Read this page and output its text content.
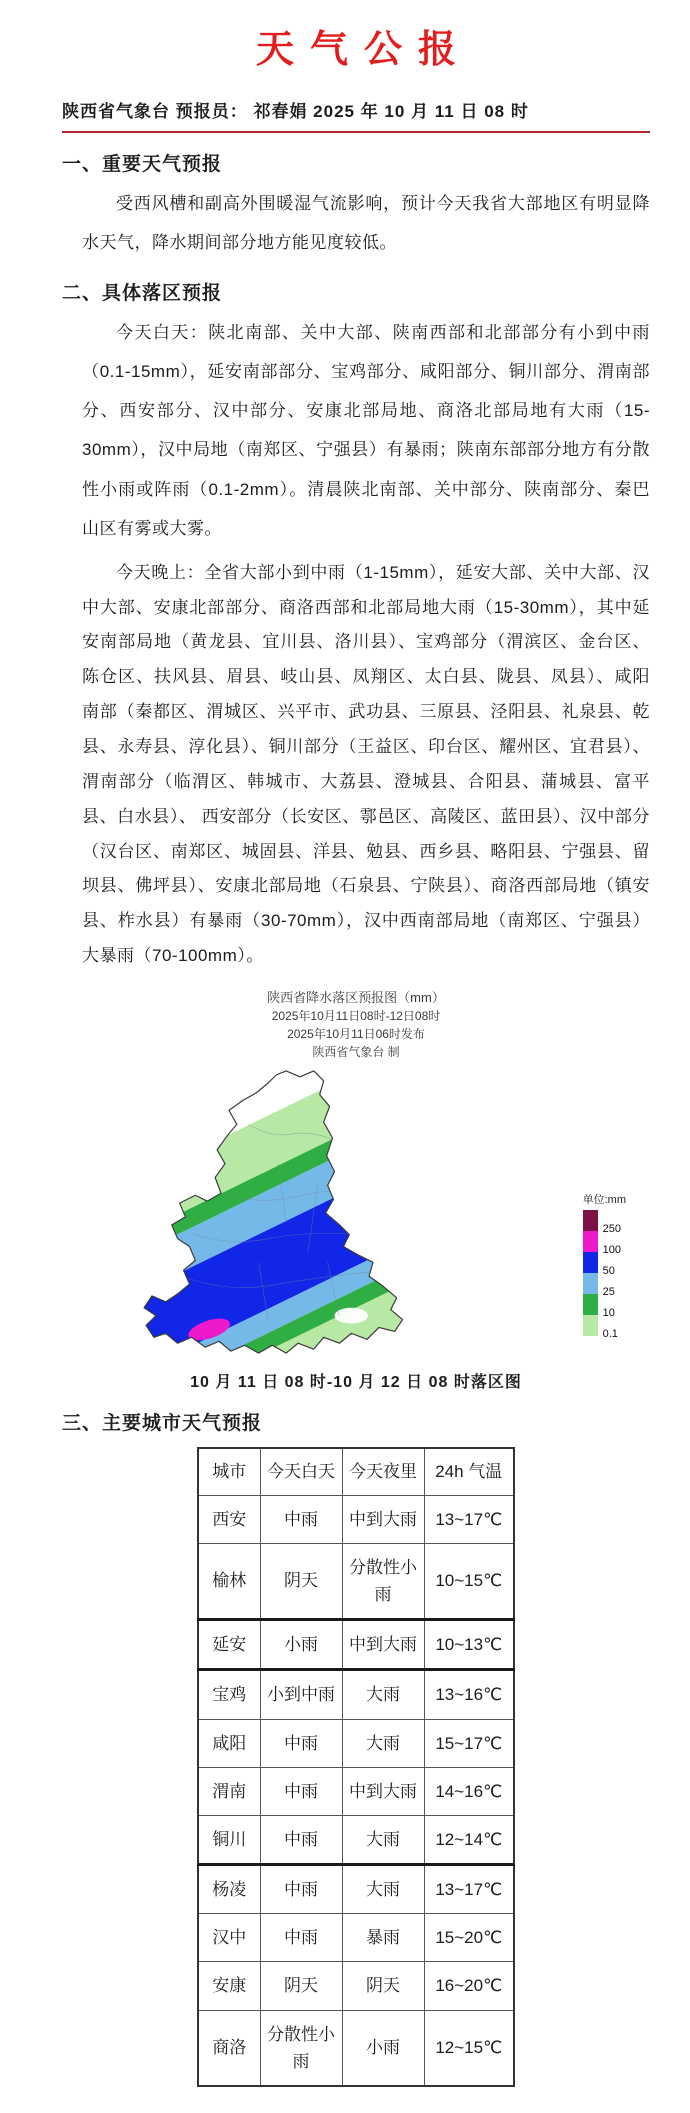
天气公报
陕西省气象台 预报员： 祁春娟 2025 年 10 月 11 日 08 时
一、重要天气预报

受西风槽和副高外围暖湿气流影响，预计今天我省大部地区有明显降水天气，降水期间部分地方能见度较低。

二、具体落区预报

今天白天：陕北南部、关中大部、陕南西部和北部部分有小到中雨（0.1-15mm），延安南部部分、宝鸡部分、咸阳部分、铜川部分、渭南部分、西安部分、汉中部分、安康北部局地、商洛北部局地有大雨（15-30mm），汉中局地（南郑区、宁强县）有暴雨；陕南东部部分地方有分散性小雨或阵雨（0.1-2mm）。清晨陕北南部、关中部分、陕南部分、秦巴山区有雾或大雾。

今天晚上：全省大部小到中雨（1-15mm），延安大部、关中大部、汉中大部、安康北部部分、商洛西部和北部局地大雨（15-30mm），其中延安南部局地（黄龙县、宜川县、洛川县）、宝鸡部分（渭滨区、金台区、陈仓区、扶风县、眉县、岐山县、凤翔区、太白县、陇县、凤县）、咸阳南部（秦都区、渭城区、兴平市、武功县、三原县、泾阳县、礼泉县、乾县、永寿县、淳化县）、铜川部分（王益区、印台区、耀州区、宜君县）、渭南部分（临渭区、韩城市、大荔县、澄城县、合阳县、蒲城县、富平县、白水县）、 西安部分（长安区、鄠邑区、高陵区、蓝田县）、汉中部分（汉台区、南郑区、城固县、洋县、勉县、西乡县、略阳县、宁强县、留坝县、佛坪县）、安康北部局地（石泉县、宁陕县）、商洛西部局地（镇安县、柞水县）有暴雨（30-70mm），汉中西南部局地（南郑区、宁强县）大暴雨（70-100mm）。

陕西省降水落区预报图（mm）
2025年10月11日08时-12日08时
2025年10月11日06时发布
陕西省气象台 制
单位:mm
250
100
50
25
10
0.1
10 月 11 日 08 时-10 月 12 日 08 时落区图
三、主要城市天气预报
城市	今天白天	今天夜里	24h 气温
西安	中雨	中到大雨	13~17℃
榆林	阴天	分散性小雨	10~15℃
延安	小雨	中到大雨	10~13℃
宝鸡	小到中雨	大雨	13~16℃
咸阳	中雨	大雨	15~17℃
渭南	中雨	中到大雨	14~16℃
铜川	中雨	大雨	12~14℃
杨凌	中雨	大雨	13~17℃
汉中	中雨	暴雨	15~20℃
安康	阴天	阴天	16~20℃
商洛	分散性小雨	小雨	12~15℃
